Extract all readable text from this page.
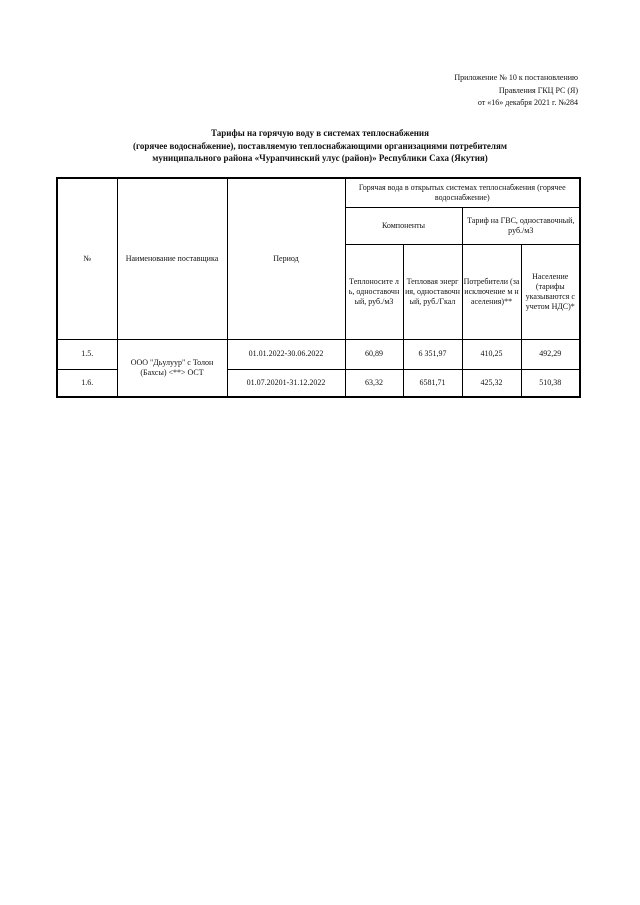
Приложение № 10 к постановлению
Правления ГКЦ РС (Я)
от «16» декабря 2021 г. №284
Тарифы на горячую воду в системах теплоснабжения
(горячее водоснабжение), поставляемую теплоснабжающими организациями потребителям
муниципального района «Чурапчинский улус (район)» Республики Саха (Якутия)
№	Наименование поставщика	Период	Горячая вода в открытых системах теплоснабжения (горячее водоснабжение)			
			Компоненты		Тариф на ГВС, одноставочный, руб./м3	
			Теплоносите ль, одноставочн ый, руб./м3	Тепловая энергия, одноставочн ый, руб./Гкал	Потребители (за исключение м населения)**	Население (тарифы указываются с учетом НДС)*
1.5.	ООО "Дьулуур" с Толон (Бахсы) <**> ОСТ	01.01.2022-30.06.2022	60,89	6 351,97	410,25	492,29
1.6.		01.07.20201-31.12.2022	63,32	6581,71	425,32	510,38
